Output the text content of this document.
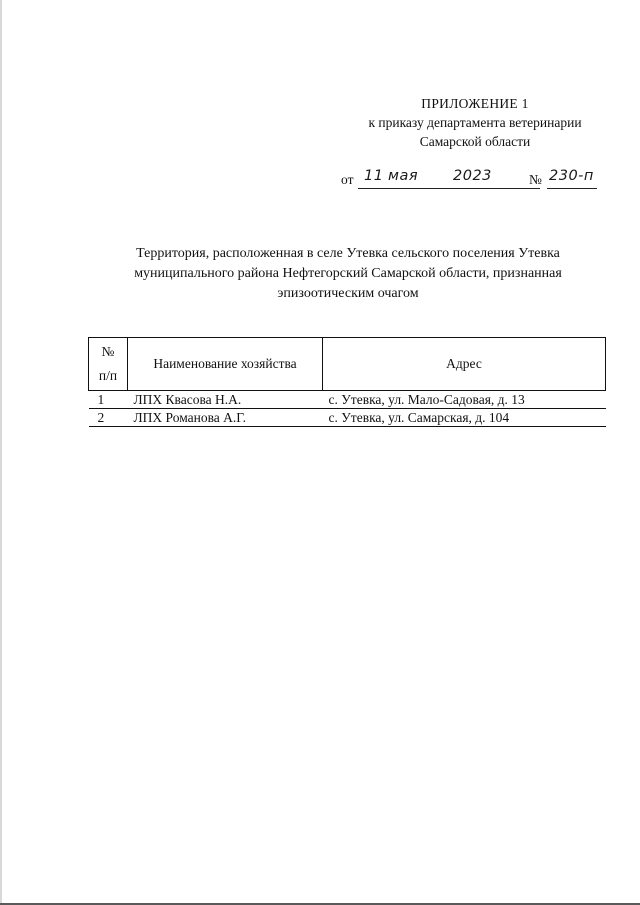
ПРИЛОЖЕНИЕ 1
к приказу департамента ветеринарии
Самарской области
от 11 мая 2023	№ 230-п
Территория, расположенная в селе Утевка сельского поселения Утевка
муниципального района Нефтегорский Самарской области, признанная
эпизоотическим очагом
№
п/п	Наименование хозяйства	Адрес
1	ЛПХ Квасова Н.А.	с. Утевка, ул. Мало-Садовая, д. 13
2	ЛПХ Романова А.Г.	с. Утевка, ул. Самарская, д. 104
